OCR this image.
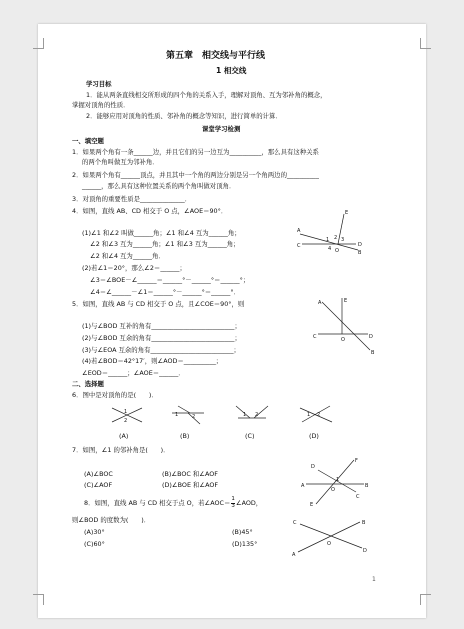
第五章　相交线与平行线
1 相交线
学习目标
1．能从两条直线相交所形成的四个角的关系入手，理解对顶角、互为邻补角的概念，
掌握对顶角的性质．
2．能够应用对顶角的性质、邻补角的概念等知识，进行简单的计算．
课堂学习检测
一、填空题
1．如果两个角有一条______边，并且它们的另一边互为__________，那么具有这种关系
的两个角叫做互为邻补角．
2．如果两个角有______顶点，并且其中一个角的两边分别是另一个角两边的__________
______，那么具有这种位置关系的两个角叫做对顶角．
3．对顶角的重要性质是______________．
4．如图，直线 AB、CD 相交于 O 点，∠AOE＝90°．
(1)∠1 和∠2 叫做______角；∠1 和∠4 互为______角；
∠2 和∠3 互为______角；∠1 和∠3 互为______角；
∠2 和∠4 互为______角．
(2)若∠1＝20°，那么∠2＝______；
∠3＝∠BOE－∠______＝______°－______°＝______°；
∠4＝∠______－∠1＝______°－______°＝______°．
A
E
C	D
B
O
1 2 3
4
5．如图，直线 AB 与 CD 相交于 O 点，且∠COE＝90°，则
(1)与∠BOD 互补的角有__________________________；
(2)与∠BOD 互余的角有__________________________；
(3)与∠EOA 互余的角有__________________________；
(4)若∠BOD＝42°17′，则∠AOD＝__________；
∠EOD＝______；∠AOE＝______．
A	E
C	O	D
B
二、选择题
6．图中是对顶角的是(　　)．
1
2
1	2	1 2	1 2
(A)	(B)	(C)	(D)
7．如图，∠1 的邻补角是(　　)．
(A)∠BOC	(B)∠BOC 和∠AOF
(C)∠AOF	(D)∠BOE 和∠AOF
D
F
A	B
E
C
O
1
8．如图，直线 AB 与 CD 相交于点 O，若∠AOC＝ $\frac{1}{3}$ ∠AOD，
则∠BOD 的度数为(　　)．
(A)30°	(B)45°
(C)60°	(D)135°
C	B
A
D
O
1
